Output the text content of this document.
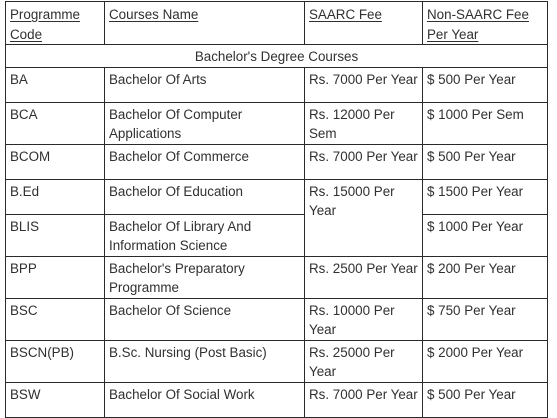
Programme Code	Courses Name	SAARC Fee	Non-SAARC Fee Per Year
Bachelor's Degree Courses			
BA	Bachelor Of Arts	Rs. 7000 Per Year	$ 500 Per Year
BCA	Bachelor Of Computer Applications	Rs. 12000 Per Sem	$ 1000 Per Sem
BCOM	Bachelor Of Commerce	Rs. 7000 Per Year	$ 500 Per Year
B.Ed	Bachelor Of Education	Rs. 15000 Per Year	$ 1500 Per Year
BLIS	Bachelor Of Library And Information Science		$ 1000 Per Year
BPP	Bachelor's Preparatory Programme	Rs. 2500 Per Year	$ 200 Per Year
BSC	Bachelor Of Science	Rs. 10000 Per Year	$ 750 Per Year
BSCN(PB)	B.Sc. Nursing (Post Basic)	Rs. 25000 Per Year	$ 2000 Per Year
BSW	Bachelor Of Social Work	Rs. 7000 Per Year	$ 500 Per Year
